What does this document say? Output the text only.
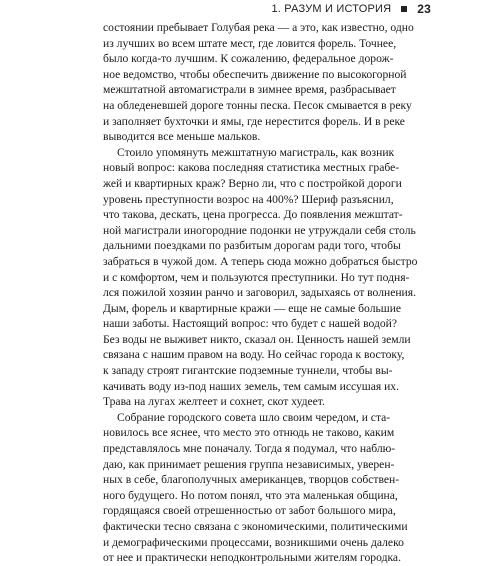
1. РАЗУМ И ИСТОРИЯ 23
состоянии пребывает Голубая река — а это, как известно, одно
из лучших во всем штате мест, где ловится форель. Точнее,
было когда-то лучшим. К сожалению, федеральное дорож-
ное ведомство, чтобы обеспечить движение по высокогорной
межштатной автомагистрали в зимнее время, разбрасывает
на обледеневшей дороге тонны песка. Песок смывается в реку
и заполняет бухточки и ямы, где нерестится форель. И в реке
выводится все меньше мальков.
Стоило упомянуть межштатную магистраль, как возник
новый вопрос: какова последняя статистика местных грабе-
жей и квартирных краж? Верно ли, что с постройкой дороги
уровень преступности возрос на 400%? Шериф разъяснил,
что такова, дескать, цена прогресса. До появления межштат-
ной магистрали иногородние подонки не утруждали себя столь
дальними поездками по разбитым дорогам ради того, чтобы
забраться в чужой дом. А теперь сюда можно добраться быстро
и с комфортом, чем и пользуются преступники. Но тут подня-
лся пожилой хозяин ранчо и заговорил, задыхаясь от волнения.
Дым, форель и квартирные кражи — еще не самые большие
наши заботы. Настоящий вопрос: что будет с нашей водой?
Без воды не выживет никто, сказал он. Ценность нашей земли
связана с нашим правом на воду. Но сейчас города к востоку,
к западу строят гигантские подземные туннели, чтобы вы-
качивать воду из-под наших земель, тем самым иссушая их.
Трава на лугах желтеет и сохнет, скот худеет.
Собрание городского совета шло своим чередом, и ста-
новилось все яснее, что место это отнюдь не таково, каким
представлялось мне поначалу. Тогда я подумал, что наблю-
даю, как принимает решения группа независимых, уверен-
ных в себе, благополучных американцев, творцов собствен-
ного будущего. Но потом понял, что эта маленькая община,
гордящаяся своей отрешенностью от забот большого мира,
фактически тесно связана с экономическими, политическими
и демографическими процессами, возникшими очень далеко
от нее и практически неподконтрольными жителям городка.
